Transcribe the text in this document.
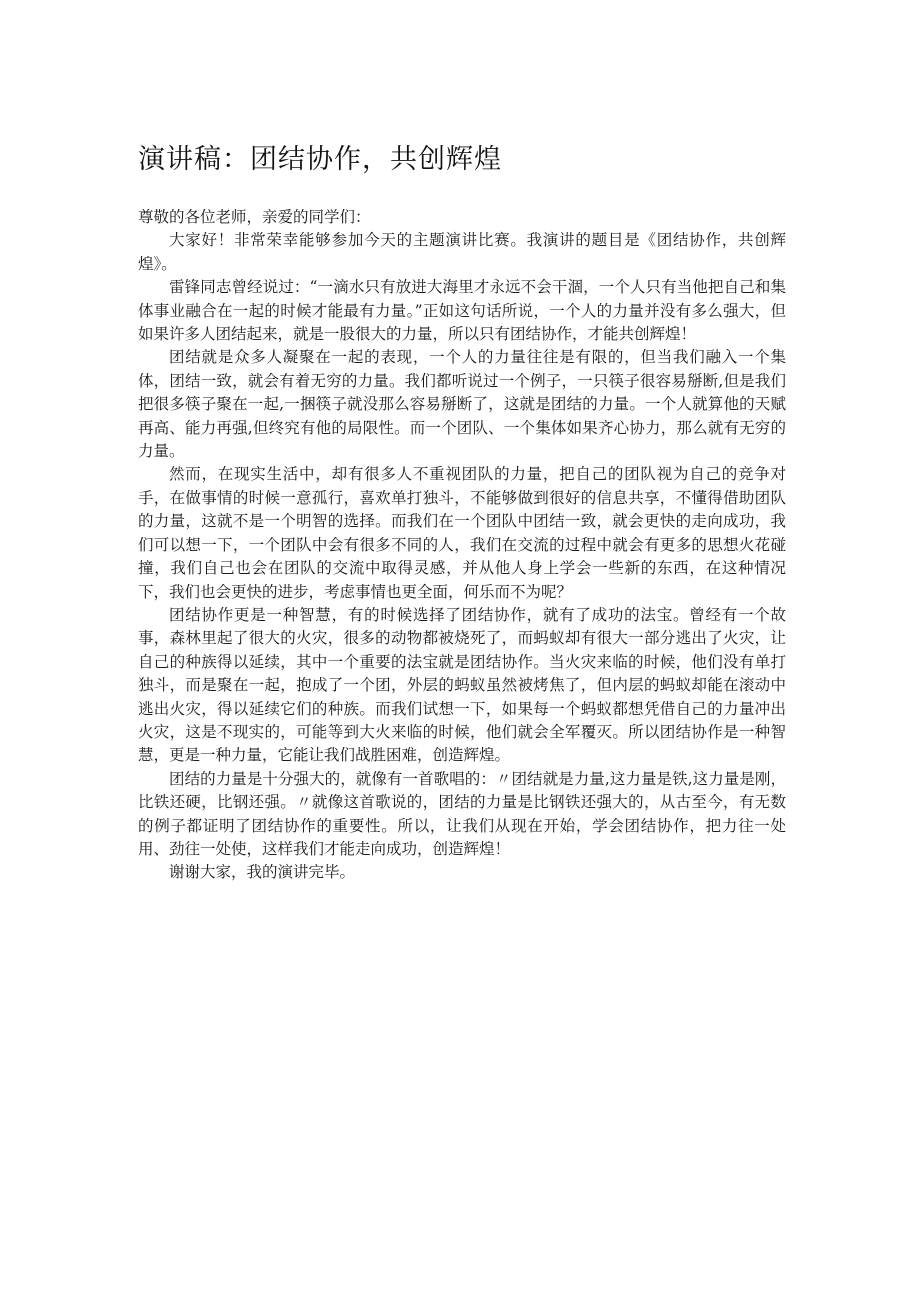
演讲稿：团结协作，共创辉煌

尊敬的各位老师，亲爱的同学们：

大家好！非常荣幸能够参加今天的主题演讲比赛。我演讲的题目是《团结协作，共创辉煌》。

雷锋同志曾经说过：“一滴水只有放进大海里才永远不会干涸，一个人只有当他把自己和集体事业融合在一起的时候才能最有力量。”正如这句话所说，一个人的力量并没有多么强大，但如果许多人团结起来，就是一股很大的力量，所以只有团结协作，才能共创辉煌！

团结就是众多人凝聚在一起的表现，一个人的力量往往是有限的，但当我们融入一个集体，团结一致，就会有着无穷的力量。我们都听说过一个例子，一只筷子很容易掰断,但是我们把很多筷子聚在一起,一捆筷子就没那么容易掰断了，这就是团结的力量。一个人就算他的天赋再高、能力再强,但终究有他的局限性。而一个团队、一个集体如果齐心协力，那么就有无穷的力量。

然而，在现实生活中，却有很多人不重视团队的力量，把自己的团队视为自己的竞争对手，在做事情的时候一意孤行，喜欢单打独斗，不能够做到很好的信息共享，不懂得借助团队的力量，这就不是一个明智的选择。而我们在一个团队中团结一致，就会更快的走向成功，我们可以想一下，一个团队中会有很多不同的人，我们在交流的过程中就会有更多的思想火花碰撞，我们自己也会在团队的交流中取得灵感，并从他人身上学会一些新的东西，在这种情况下，我们也会更快的进步，考虑事情也更全面，何乐而不为呢？

团结协作更是一种智慧，有的时候选择了团结协作，就有了成功的法宝。曾经有一个故事，森林里起了很大的火灾，很多的动物都被烧死了，而蚂蚁却有很大一部分逃出了火灾，让自己的种族得以延续，其中一个重要的法宝就是团结协作。当火灾来临的时候，他们没有单打独斗，而是聚在一起，抱成了一个团，外层的蚂蚁虽然被烤焦了，但内层的蚂蚁却能在滚动中逃出火灾，得以延续它们的种族。而我们试想一下，如果每一个蚂蚁都想凭借自己的力量冲出火灾，这是不现实的，可能等到大火来临的时候，他们就会全军覆灭。所以团结协作是一种智慧，更是一种力量，它能让我们战胜困难，创造辉煌。

团结的力量是十分强大的，就像有一首歌唱的：〃团结就是力量,这力量是铁,这力量是刚，比铁还硬，比钢还强。〃就像这首歌说的，团结的力量是比钢铁还强大的，从古至今，有无数的例子都证明了团结协作的重要性。所以，让我们从现在开始，学会团结协作，把力往一处用、劲往一处使，这样我们才能走向成功，创造辉煌！

谢谢大家，我的演讲完毕。
